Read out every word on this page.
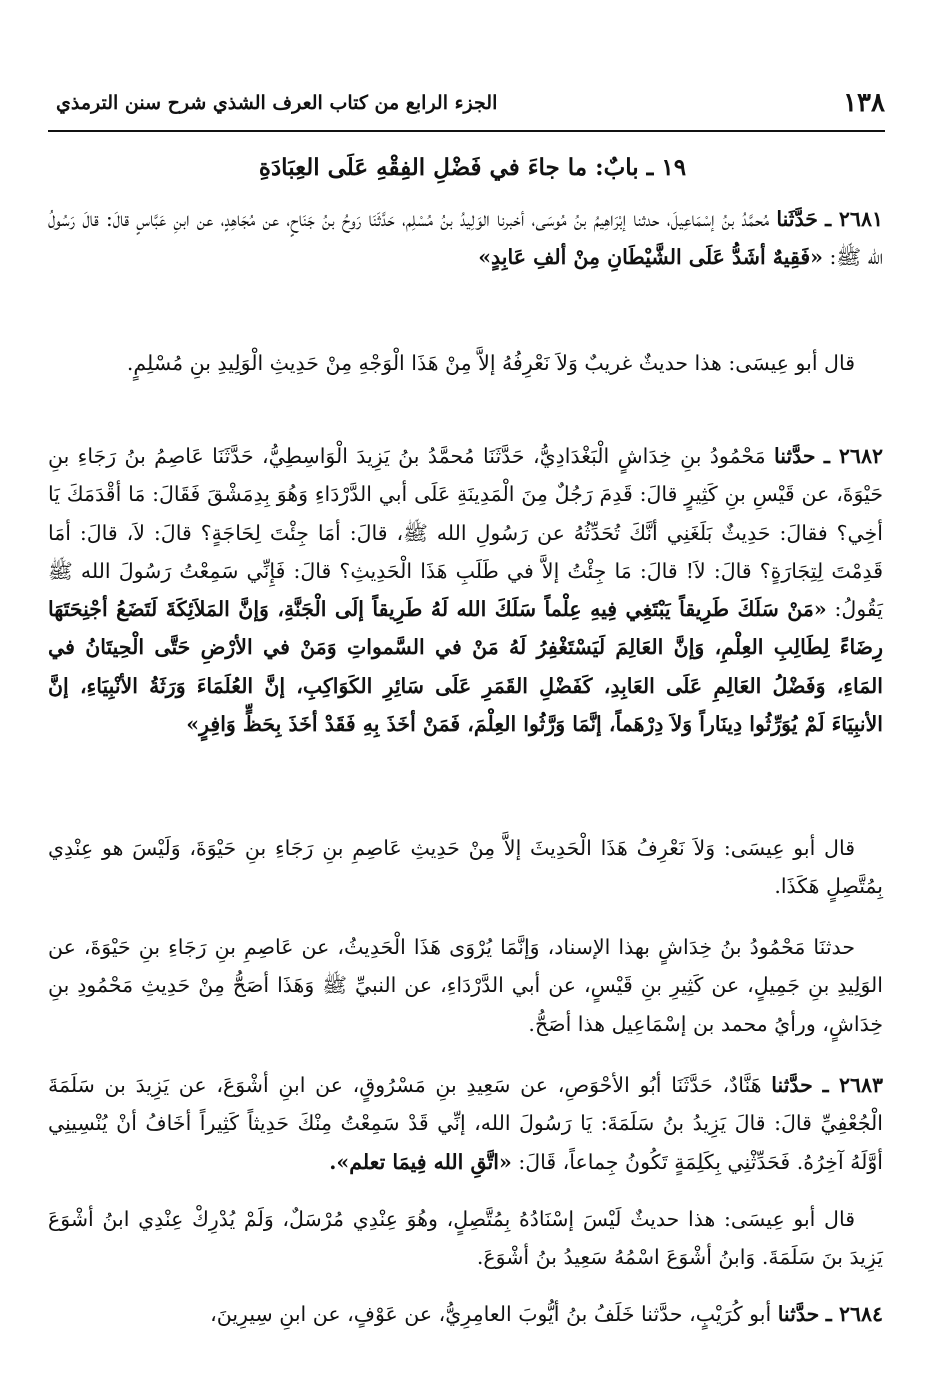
١٣٨
الجزء الرابع من كتاب العرف الشذي شرح سنن الترمذي
١٩ ـ بابٌ: ما جاءَ في فَضْلِ الفِقْهِ عَلَى العِبَادَةِ
٢٦٨١ ـ حَدَّثَنا مُحمَّدُ بنُ إسْمَاعِيلَ، حدثنا إبْرَاهِيمُ بنُ مُوسَى، أخبرنا الوَلِيدُ بنُ مُسْلِم، حَدَّثَنَا رَوحُ بنُ جَنَاحٍ، عن مُجَاهِدٍ، عن ابنِ عَبَّاسٍ قالَ: قالَ رَسُولُ الله ﷺ: «فَقِيهٌ أشَدُّ عَلَى الشَّيْطَانِ مِنْ ألفِ عَابِدٍ»
قال أبو عِيسَى: هذا حديثٌ غريبٌ وَلاَ نَعْرِفُهُ إلاَّ مِنْ هَذَا الْوَجْهِ مِنْ حَدِيثِ الْوَلِيدِ بنِ مُسْلِمٍ.
٢٦٨٢ ـ حدَّثنا مَحْمُودُ بنِ خِدَاشٍ الْبَغْدَادِيُّ، حَدَّثَنَا مُحمَّدُ بنُ يَزِيدَ الْوَاسِطِيُّ، حَدَّثَنَا عَاصِمُ بنُ رَجَاءِ بنِ حَيْوَةَ، عن قَيْسِ بنِ كَثِيرٍ قالَ: قَدِمَ رَجُلٌ مِنَ الْمَدِينَةِ عَلَى أبي الدَّرْدَاءِ وَهُوَ بِدِمَشْقَ فَقَالَ: مَا أقْدَمَكَ يَا أخِي؟ فقالَ: حَدِيثٌ بَلَغَنِي أنَّكَ تُحَدِّثُهُ عن رَسُولِ الله ﷺ، قالَ: أمَا جِئْتَ لِحَاجَةٍ؟ قالَ: لاَ، قالَ: أمَا قَدِمْتَ لِتِجَارَةٍ؟ قالَ: لاَ! قالَ: مَا جِئْتُ إلاَّ في طَلَبِ هَذَا الْحَدِيثِ؟ قالَ: فَإِنِّي سَمِعْتُ رَسُولَ الله ﷺ يَقُولُ: «مَنْ سَلَكَ طَرِيقاً يَبْتَغِي فِيهِ عِلْماً سَلَكَ الله لَهُ طَرِيقاً إلَى الْجَنَّةِ، وَإنَّ المَلاَئِكَةَ لَتَضَعُ أجْنِحَتَهَا رِضَاءً لِطَالِبِ العِلْمِ، وَإنَّ العَالِمَ لَيَسْتَغْفِرُ لَهُ مَنْ في السَّمواتِ وَمَنْ في الأرْضِ حَتَّى الْحِيتَانُ في المَاءِ، وَفَضْلُ العَالِمِ عَلَى العَابِدِ، كَفَضْلِ القَمَرِ عَلَى سَائِرِ الكَوَاكِبِ، إنَّ العُلَمَاءَ وَرَثَةُ الأنْبِيَاءِ، إنَّ الأنبِيَاءَ لَمْ يُوَرِّثُوا دِينَاراً وَلاَ دِرْهَماً، إنَّمَا وَرَّثُوا العِلْمَ، فَمَنْ أخَذَ بِهِ فَقَدْ أخَذَ بِحَظٍّ وَافِرٍ»
قال أبو عِيسَى: وَلاَ نَعْرِفُ هَذَا الْحَدِيثَ إلاَّ مِنْ حَدِيثِ عَاصِمِ بنِ رَجَاءِ بنِ حَيْوَةَ، وَلَيْسَ هو عِنْدِي بِمُتَّصِلٍ هَكَذَا.
حدثنَا مَحْمُودُ بنُ خِدَاشٍ بهذا الإسناد، وَإنَّمَا يُرْوَى هَذَا الْحَدِيثُ، عن عَاصِمِ بنِ رَجَاءِ بنِ حَيْوَةَ، عن الوَلِيدِ بنِ جَمِيلٍ، عن كَثِيرِ بنِ قَيْسٍ، عن أبي الدَّرْدَاءِ، عن النبيِّ ﷺ وَهَذَا أصَحُّ مِنْ حَدِيثِ مَحْمُودِ بنِ خِدَاشٍ، ورأيُ محمد بن إسْمَاعِيل هذا أصَحُّ.
٢٦٨٣ ـ حدَّثنا هَنَّادٌ، حَدَّثَنَا أبُو الأحْوَصِ، عن سَعِيدِ بنِ مَسْرُوقٍ، عن ابنِ أشْوَعَ، عن يَزِيدَ بن سَلَمَةَ الْجُعْفِيِّ قالَ: قالَ يَزِيدُ بنُ سَلَمَةَ: يَا رَسُولَ الله، إنِّي قَدْ سَمِعْتُ مِنْكَ حَدِيثاً كَثِيراً أخَافُ أنْ يُنْسِينِي أوَّلَهُ آخِرُهُ. فَحَدِّثْنِي بِكَلِمَةٍ تَكُونُ جِماعاً، قَالَ: «اتَّقِ الله فِيمَا تعلم».
قال أبو عِيسَى: هذا حديثٌ لَيْسَ إسْنَادُهُ بِمُتَّصِلٍ، وهُوَ عِنْدِي مُرْسَلٌ، وَلَمْ يُدْرِكْ عِنْدِي ابنُ أشْوَعَ يَزِيدَ بنَ سَلَمَةَ. وَابنُ أشْوَعَ اسْمُهُ سَعِيدُ بنُ أشْوَعَ.
٢٦٨٤ ـ حدَّثنا أبو كُرَيْبٍ، حدَّثنا خَلَفُ بنُ أيُّوبَ العامِرِيُّ، عن عَوْفٍ، عن ابنِ سِيرِينَ،
